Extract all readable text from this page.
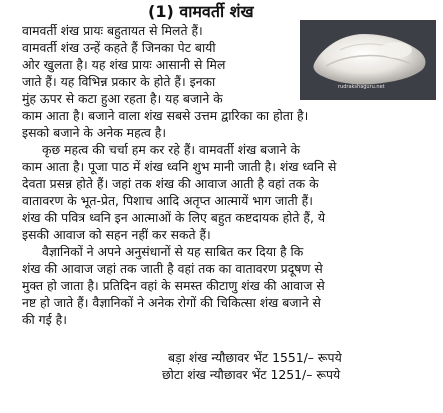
(1) वामवर्ती शंख
rudrakshaguru.net
वामवर्ती शंख प्रायः बहुतायत से मिलते हैं।
वामवर्ती शंख उन्हें कहते हैं जिनका पेट बायी
ओर खुलता है। यह शंख प्रायः आसानी से मिल
जाते हैं। यह विभिन्न प्रकार के होते हैं। इनका
मुंह ऊपर से कटा हुआ रहता है। यह बजाने के
काम आता है। बजाने वाला शंख सबसे उत्तम द्वारिका का होता है।
इसको बजाने के अनेक महत्व है।
कृछ महत्व की चर्चा हम कर रहे हैं। वामवर्ती शंख बजाने के
काम आता है। पूजा पाठ में शंख ध्वनि शुभ मानी जाती है। शंख ध्वनि से
देवता प्रसन्न होते हैं। जहां तक शंख की आवाज आती है वहां तक के
वातावरण के भूत-प्रेत, पिशाच आदि अतृप्त आत्मायें भाग जाती हैं।
शंख की पवित्र ध्वनि इन आत्माओं के लिए बहुत कष्टदायक होते हैं, ये
इसकी आवाज को सहन नहीं कर सकते हैं।
वैज्ञानिकों ने अपने अनुसंधानों से यह साबित कर दिया है कि
शंख की आवाज जहां तक जाती है वहां तक का वातावरण प्रदूषण से
मुक्त हो जाता है। प्रतिदिन वहां के समस्त कीटाणु शंख की आवाज से
नष्ट हो जाते हैं। वैज्ञानिकों ने अनेक रोगों की चिकित्सा शंख बजाने से
की गई है।
बड़ा शंख न्यौछावर भेंट 1551/– रूपये
छोटा शंख न्यौछावर भेंट 1251/– रूपये
